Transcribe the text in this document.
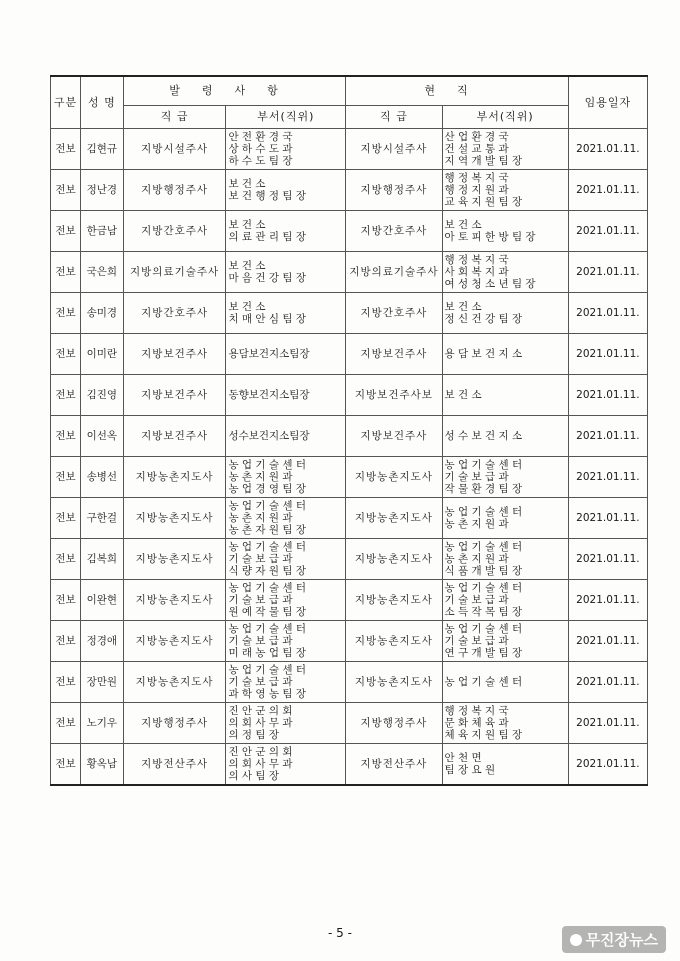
구분	성 명	발령사항		현직		임용일자
		직 급	부서(직위)	직 급	부서(직위)	
전보	김현규	지방시설주사	안 전 환 경 국
상 하 수 도 과
하 수 도 팀 장	지방시설주사	산 업 환 경 국
건 설 교 통 과
지 역 개 발 팀 장	2021.01.11.
전보	정난경	지방행정주사	보 건 소
보 건 행 정 팀 장	지방행정주사	행 정 복 지 국
행 정 지 원 과
교 육 지 원 팀 장	2021.01.11.
전보	한금남	지방간호주사	보 건 소
의 료 관 리 팀 장	지방간호주사	보 건 소
아 토 피 한 방 팀 장	2021.01.11.
전보	국은희	지방의료기술주사	보 건 소
마 음 건 강 팀 장	지방의료기술주사	행 정 복 지 국
사 회 복 지 과
여 성 청 소 년 팀 장	2021.01.11.
전보	송미경	지방간호주사	보 건 소
치 매 안 심 팀 장	지방간호주사	보 건 소
정 신 건 강 팀 장	2021.01.11.
전보	이미란	지방보건주사	용담보건지소팀장	지방보건주사	용 담 보 건 지 소	2021.01.11.
전보	김진영	지방보건주사	동향보건지소팀장	지방보건주사보	보 건 소	2021.01.11.
전보	이선옥	지방보건주사	성수보건지소팀장	지방보건주사	성 수 보 건 지 소	2021.01.11.
전보	송병선	지방농촌지도사	농 업 기 술 센 터
농 촌 지 원 과
농 업 경 영 팀 장	지방농촌지도사	농 업 기 술 센 터
기 술 보 급 과
작 물 환 경 팀 장	2021.01.11.
전보	구한걸	지방농촌지도사	농 업 기 술 센 터
농 촌 지 원 과
농 촌 자 원 팀 장	지방농촌지도사	농 업 기 술 센 터
농 촌 지 원 과	2021.01.11.
전보	김복희	지방농촌지도사	농 업 기 술 센 터
기 술 보 급 과
식 량 자 원 팀 장	지방농촌지도사	농 업 기 술 센 터
농 촌 지 원 과
식 품 개 발 팀 장	2021.01.11.
전보	이완현	지방농촌지도사	농 업 기 술 센 터
기 술 보 급 과
원 예 작 물 팀 장	지방농촌지도사	농 업 기 술 센 터
기 술 보 급 과
소 득 작 목 팀 장	2021.01.11.
전보	정경애	지방농촌지도사	농 업 기 술 센 터
기 술 보 급 과
미 래 농 업 팀 장	지방농촌지도사	농 업 기 술 센 터
기 술 보 급 과
연 구 개 발 팀 장	2021.01.11.
전보	장만원	지방농촌지도사	농 업 기 술 센 터
기 술 보 급 과
과 학 영 농 팀 장	지방농촌지도사	농 업 기 술 센 터	2021.01.11.
전보	노기우	지방행정주사	진 안 군 의 회
의 회 사 무 과
의 정 팀 장	지방행정주사	행 정 복 지 국
문 화 체 육 과
체 육 지 원 팀 장	2021.01.11.
전보	황옥남	지방전산주사	진 안 군 의 회
의 회 사 무 과
의 사 팀 장	지방전산주사	안 천 면
팀 장 요 원	2021.01.11.
- 5 -	무진장뉴스
